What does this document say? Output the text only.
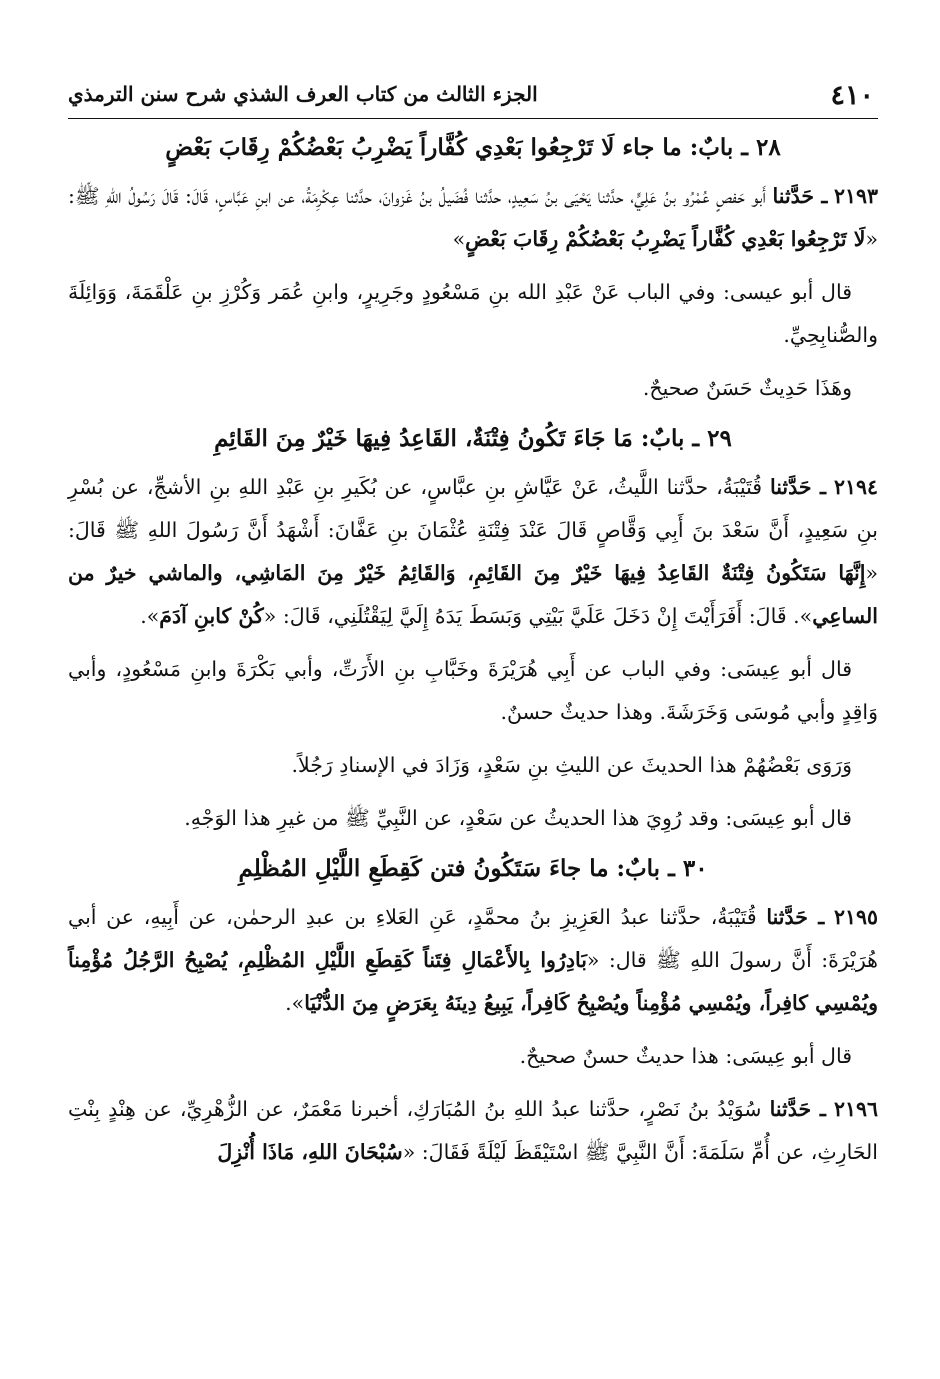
٤١٠
الجزء الثالث من كتاب العرف الشذي شرح سنن الترمذي
٢٨ ـ بابٌ: ما جاء لَا تَرْجِعُوا بَعْدِي كُفَّاراً يَضْرِبُ بَعْضُكُمْ رِقَابَ بَعْضٍ

٢١٩٣ ـ حَدَّثنا أَبو حَفصٍ عُمْرُو بنُ عَلِيٍّ، حدَّثنا يَحْيَى بنُ سَعِيدٍ، حدَّثنا فُضَيلُ بنُ غَزوانَ، حدَّثنا عِكْرِمَةُ، عن ابنِ عَبَّاسٍ، قَالَ: قَالَ رَسُولُ اللهِ ﷺ: «لَا تَرْجِعُوا بَعْدِي كُفَّاراً يَضْرِبُ بَعْضُكُمْ رِقَابَ بَعْضٍ»

قال أبو عيسى: وفي الباب عَنْ عَبْدِ الله بنِ مَسْعُودٍ وجَرِيرٍ، وابنِ عُمَر وَكُرْزِ بنِ عَلْقَمَةَ، وَوَائِلَةَ والصُّنابِحِيِّ.

وهَذَا حَدِيثٌ حَسَنٌ صحيحٌ.

٢٩ ـ بابٌ: مَا جَاءَ تَكُونُ فِتْنَةٌ، القَاعِدُ فِيهَا خَيْرٌ مِنَ القَائِمِ

٢١٩٤ ـ حَدَّثنا قُتَيْبَةُ، حدَّثنا اللَّيثُ، عَنْ عَيَّاشِ بنِ عبَّاسٍ، عن بُكَيرِ بنِ عَبْدِ اللهِ بنِ الأشجِّ، عن بُسْرِ بنِ سَعِيدٍ، أَنَّ سَعْدَ بنَ أَبِي وَقَّاصٍ قَالَ عَنْدَ فِتْنَةِ عُثْمَانَ بنِ عَفَّانَ: أَشْهَدُ أَنَّ رَسُولَ اللهِ ﷺ قَالَ: «إِنَّهَا سَتَكُونُ فِتْنَةٌ القَاعِدُ فِيهَا خَيْرٌ مِنَ القَائِمِ، وَالقَائِمُ خَيْرٌ مِنَ المَاشِي، والماشي خيرٌ من الساعِي». قَالَ: أَفَرَأَيْتَ إِنْ دَخَلَ عَلَيَّ بَيْتِي وَبَسَطَ يَدَهُ إِلَيَّ لِيَقْتُلَنِي، قَالَ: «كُنْ كابنِ آدَمَ».

قال أبو عِيسَى: وفي الباب عن أَبِي هُرَيْرَةَ وخَبَّابِ بنِ الأَرَتِّ، وأبي بَكْرَةَ وابنِ مَسْعُودٍ، وأبي وَاقِدٍ وأبي مُوسَى وَخَرَشَةَ. وهذا حديثٌ حسنٌ.

وَرَوَى بَعْضُهُمْ هذا الحديثَ عن الليثِ بنِ سَعْدٍ، وَزَادَ في الإسنادِ رَجُلاً.

قال أبو عِيسَى: وقد رُوِيَ هذا الحديثُ عن سَعْدٍ، عن النَّبِيِّ ﷺ من غيرِ هذا الوَجْهِ.

٣٠ ـ بابٌ: ما جاءَ سَتَكُونُ فتن كَقِطَعِ اللَّيْلِ المُظْلِمِ

٢١٩٥ ـ حَدَّثنا قُتَيْبَةُ، حدَّثنا عبدُ العَزِيزِ بنُ محمَّدٍ، عَنِ العَلاءِ بن عبدِ الرحمٰن، عن أَبِيهِ، عن أبي هُرَيْرَةَ: أَنَّ رسولَ اللهِ ﷺ قال: «بَادِرُوا بِالأَعْمَالِ فِتَناً كَقِطَعِ اللَّيْلِ المُظْلِمِ، يُصْبِحُ الرَّجُلُ مُؤْمِناً ويُمْسِي كافِراً، ويُمْسِي مُؤْمِناً ويُصْبِحُ كَافِراً، يَبِيعُ دِينَهُ بِعَرَضٍ مِنَ الدُّنْيَا».

قال أبو عِيسَى: هذا حديثٌ حسنٌ صحيحٌ.

٢١٩٦ ـ حَدَّثنا سُوَيْدُ بنُ نَصْرٍ، حدَّثنا عبدُ اللهِ بنُ المُبَارَكِ، أخبرنا مَعْمَرٌ، عن الزُّهْرِيِّ، عن هِنْدٍ بِنْتِ الحَارِثِ، عن أُمِّ سَلَمَةَ: أَنَّ النَّبِيَّ ﷺ اسْتَيْقَظَ لَيْلَةً فَقَالَ: «سُبْحَانَ اللهِ، مَاذَا أُنْزِلَ
